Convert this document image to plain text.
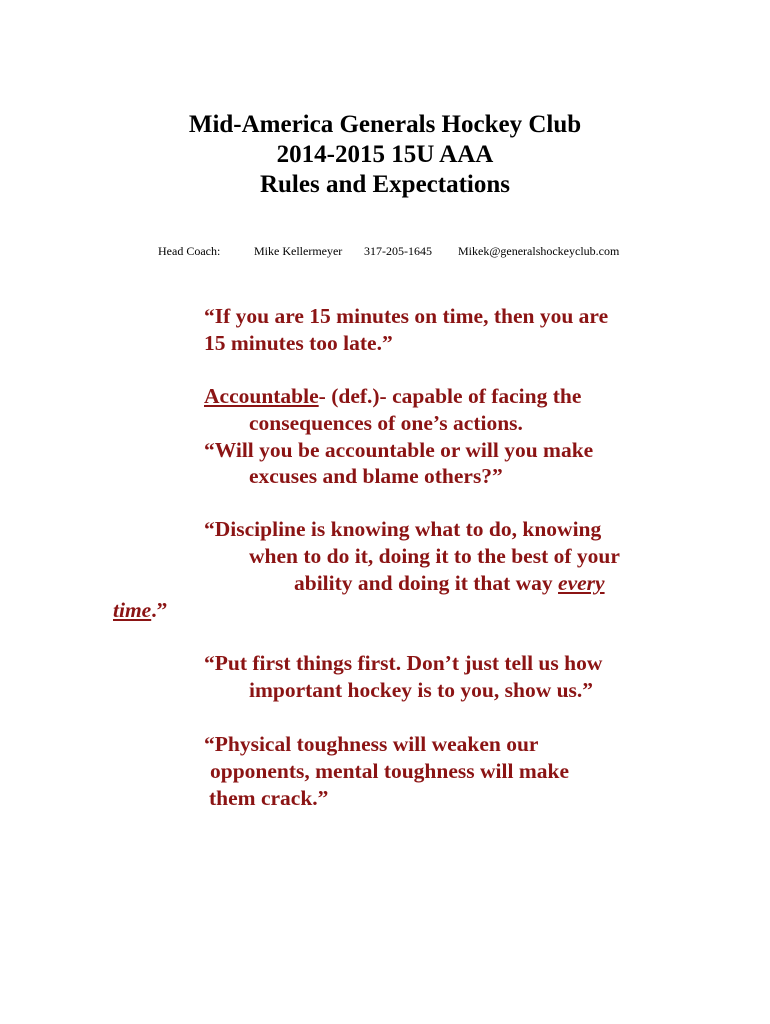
Mid-America Generals Hockey Club
2014-2015 15U AAA
Rules and Expectations
Head Coach:	Mike Kellermeyer 317-205-1645 Mikek@generalshockeyclub.com
“If you are 15 minutes on time, then you are
15 minutes too late.”
Accountable- (def.)- capable of facing the
consequences of one’s actions.
“Will you be accountable or will you make
excuses and blame others?”
“Discipline is knowing what to do, knowing
when to do it, doing it to the best of your
ability and doing it that way every
time.”
“Put first things first. Don’t just tell us how
important hockey is to you, show us.”
“Physical toughness will weaken our
opponents, mental toughness will make
them crack.”
